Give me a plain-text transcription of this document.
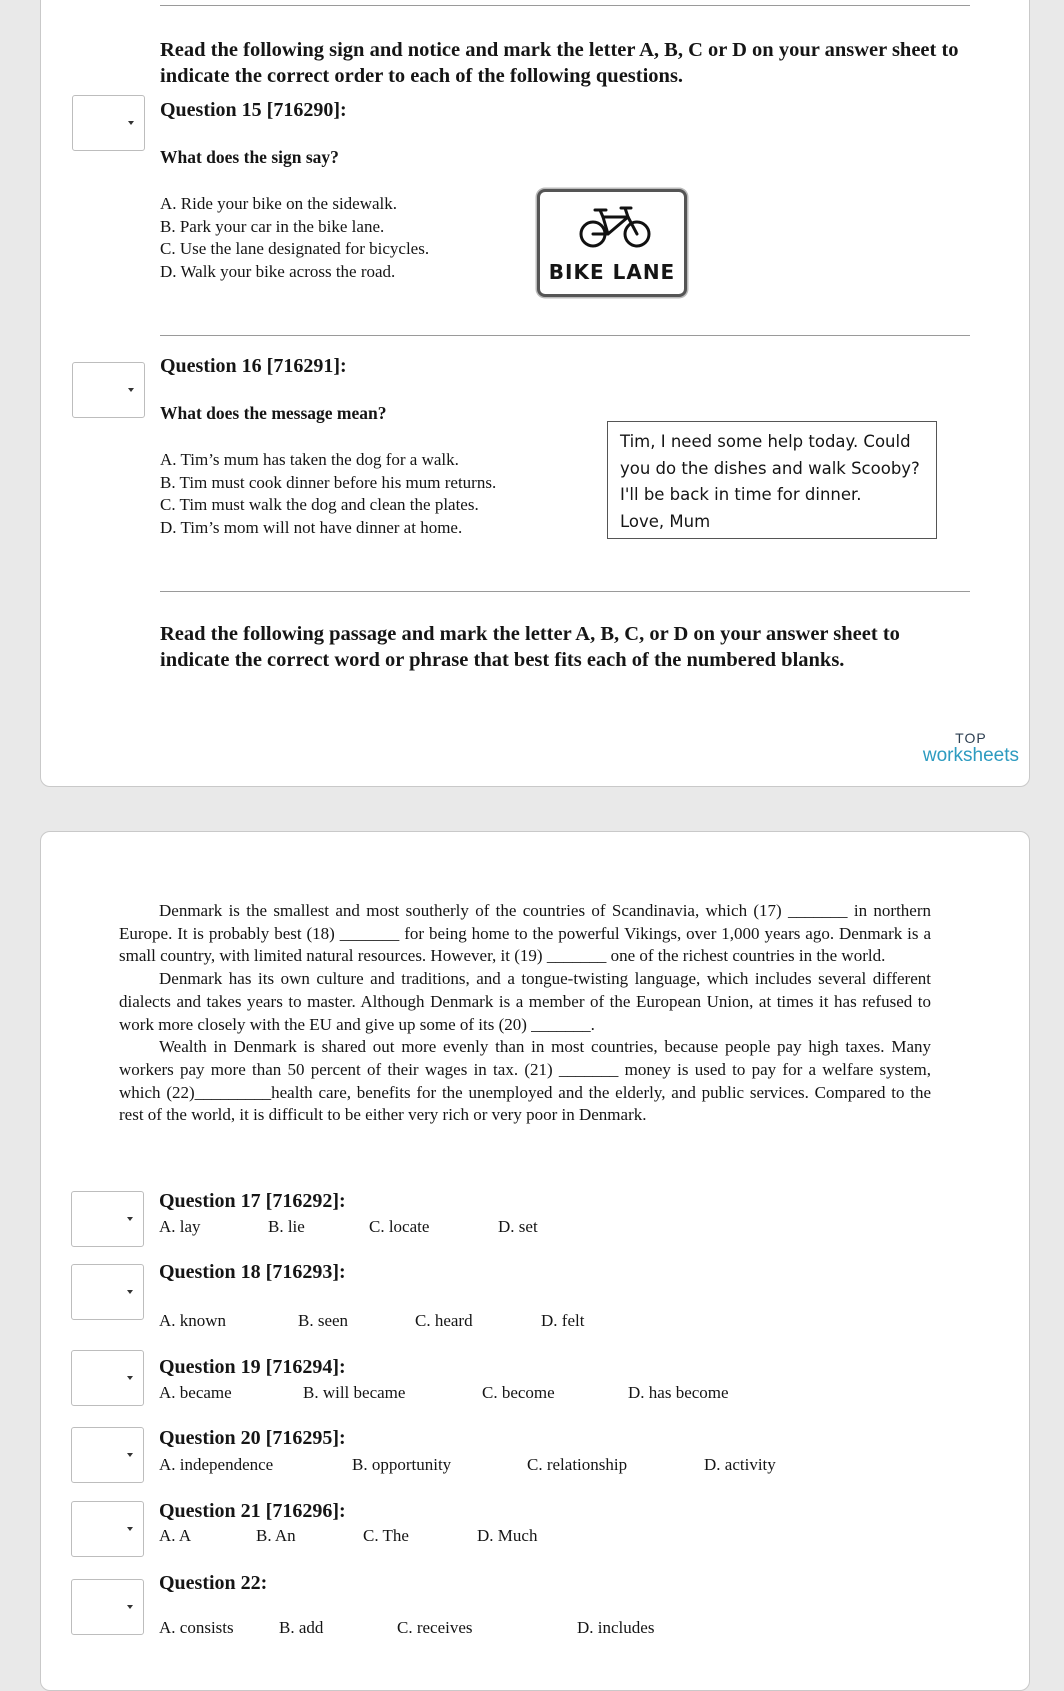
Read the following sign and notice and mark the letter A, B, C or D on your answer sheet to indicate the correct order to each of the following questions.
Question 15 [716290]:
What does the sign say?
A. Ride your bike on the sidewalk.
B. Park your car in the bike lane.
C. Use the lane designated for bicycles.
D. Walk your bike across the road.	BIKE LANE
Question 16 [716291]:
What does the message mean?
A. Tim’s mum has taken the dog for a walk.
B. Tim must cook dinner before his mum returns.
C. Tim must walk the dog and clean the plates.
D. Tim’s mom will not have dinner at home.
Tim, I need some help today. Could
you do the dishes and walk Scooby?
I'll be back in time for dinner.
Love, Mum
Read the following passage and mark the letter A, B, C, or D on your answer sheet to indicate the correct word or phrase that best fits each of the numbered blanks.
TOP
worksheets

Denmark is the smallest and most southerly of the countries of Scandinavia, which (17) _______ in northern Europe. It is probably best (18) _______ for being home to the powerful Vikings, over 1,000 years ago. Denmark is a small country, with limited natural resources. However, it (19) _______ one of the richest countries in the world.

Denmark has its own culture and traditions, and a tongue-twisting language, which includes several different dialects and takes years to master. Although Denmark is a member of the European Union, at times it has refused to work more closely with the EU and give up some of its (20) _______.

Wealth in Denmark is shared out more evenly than in most countries, because people pay high taxes. Many workers pay more than 50 percent of their wages in tax. (21) _______ money is used to pay for a welfare system, which (22)_________health care, benefits for the unemployed and the elderly, and public services. Compared to the rest of the world, it is difficult to be either very rich or very poor in Denmark.

Question 17 [716292]:
A. lay	B. lie	C. locate	D. set
Question 18 [716293]:
A. known	B. seen	C. heard	D. felt
Question 19 [716294]:
A. became	B. will became	C. become	D. has become
Question 20 [716295]:
A. independence	B. opportunity	C. relationship	D. activity
Question 21 [716296]:
A. A	B. An	C. The	D. Much
Question 22:
A. consists	B. add	C. receives	D. includes
